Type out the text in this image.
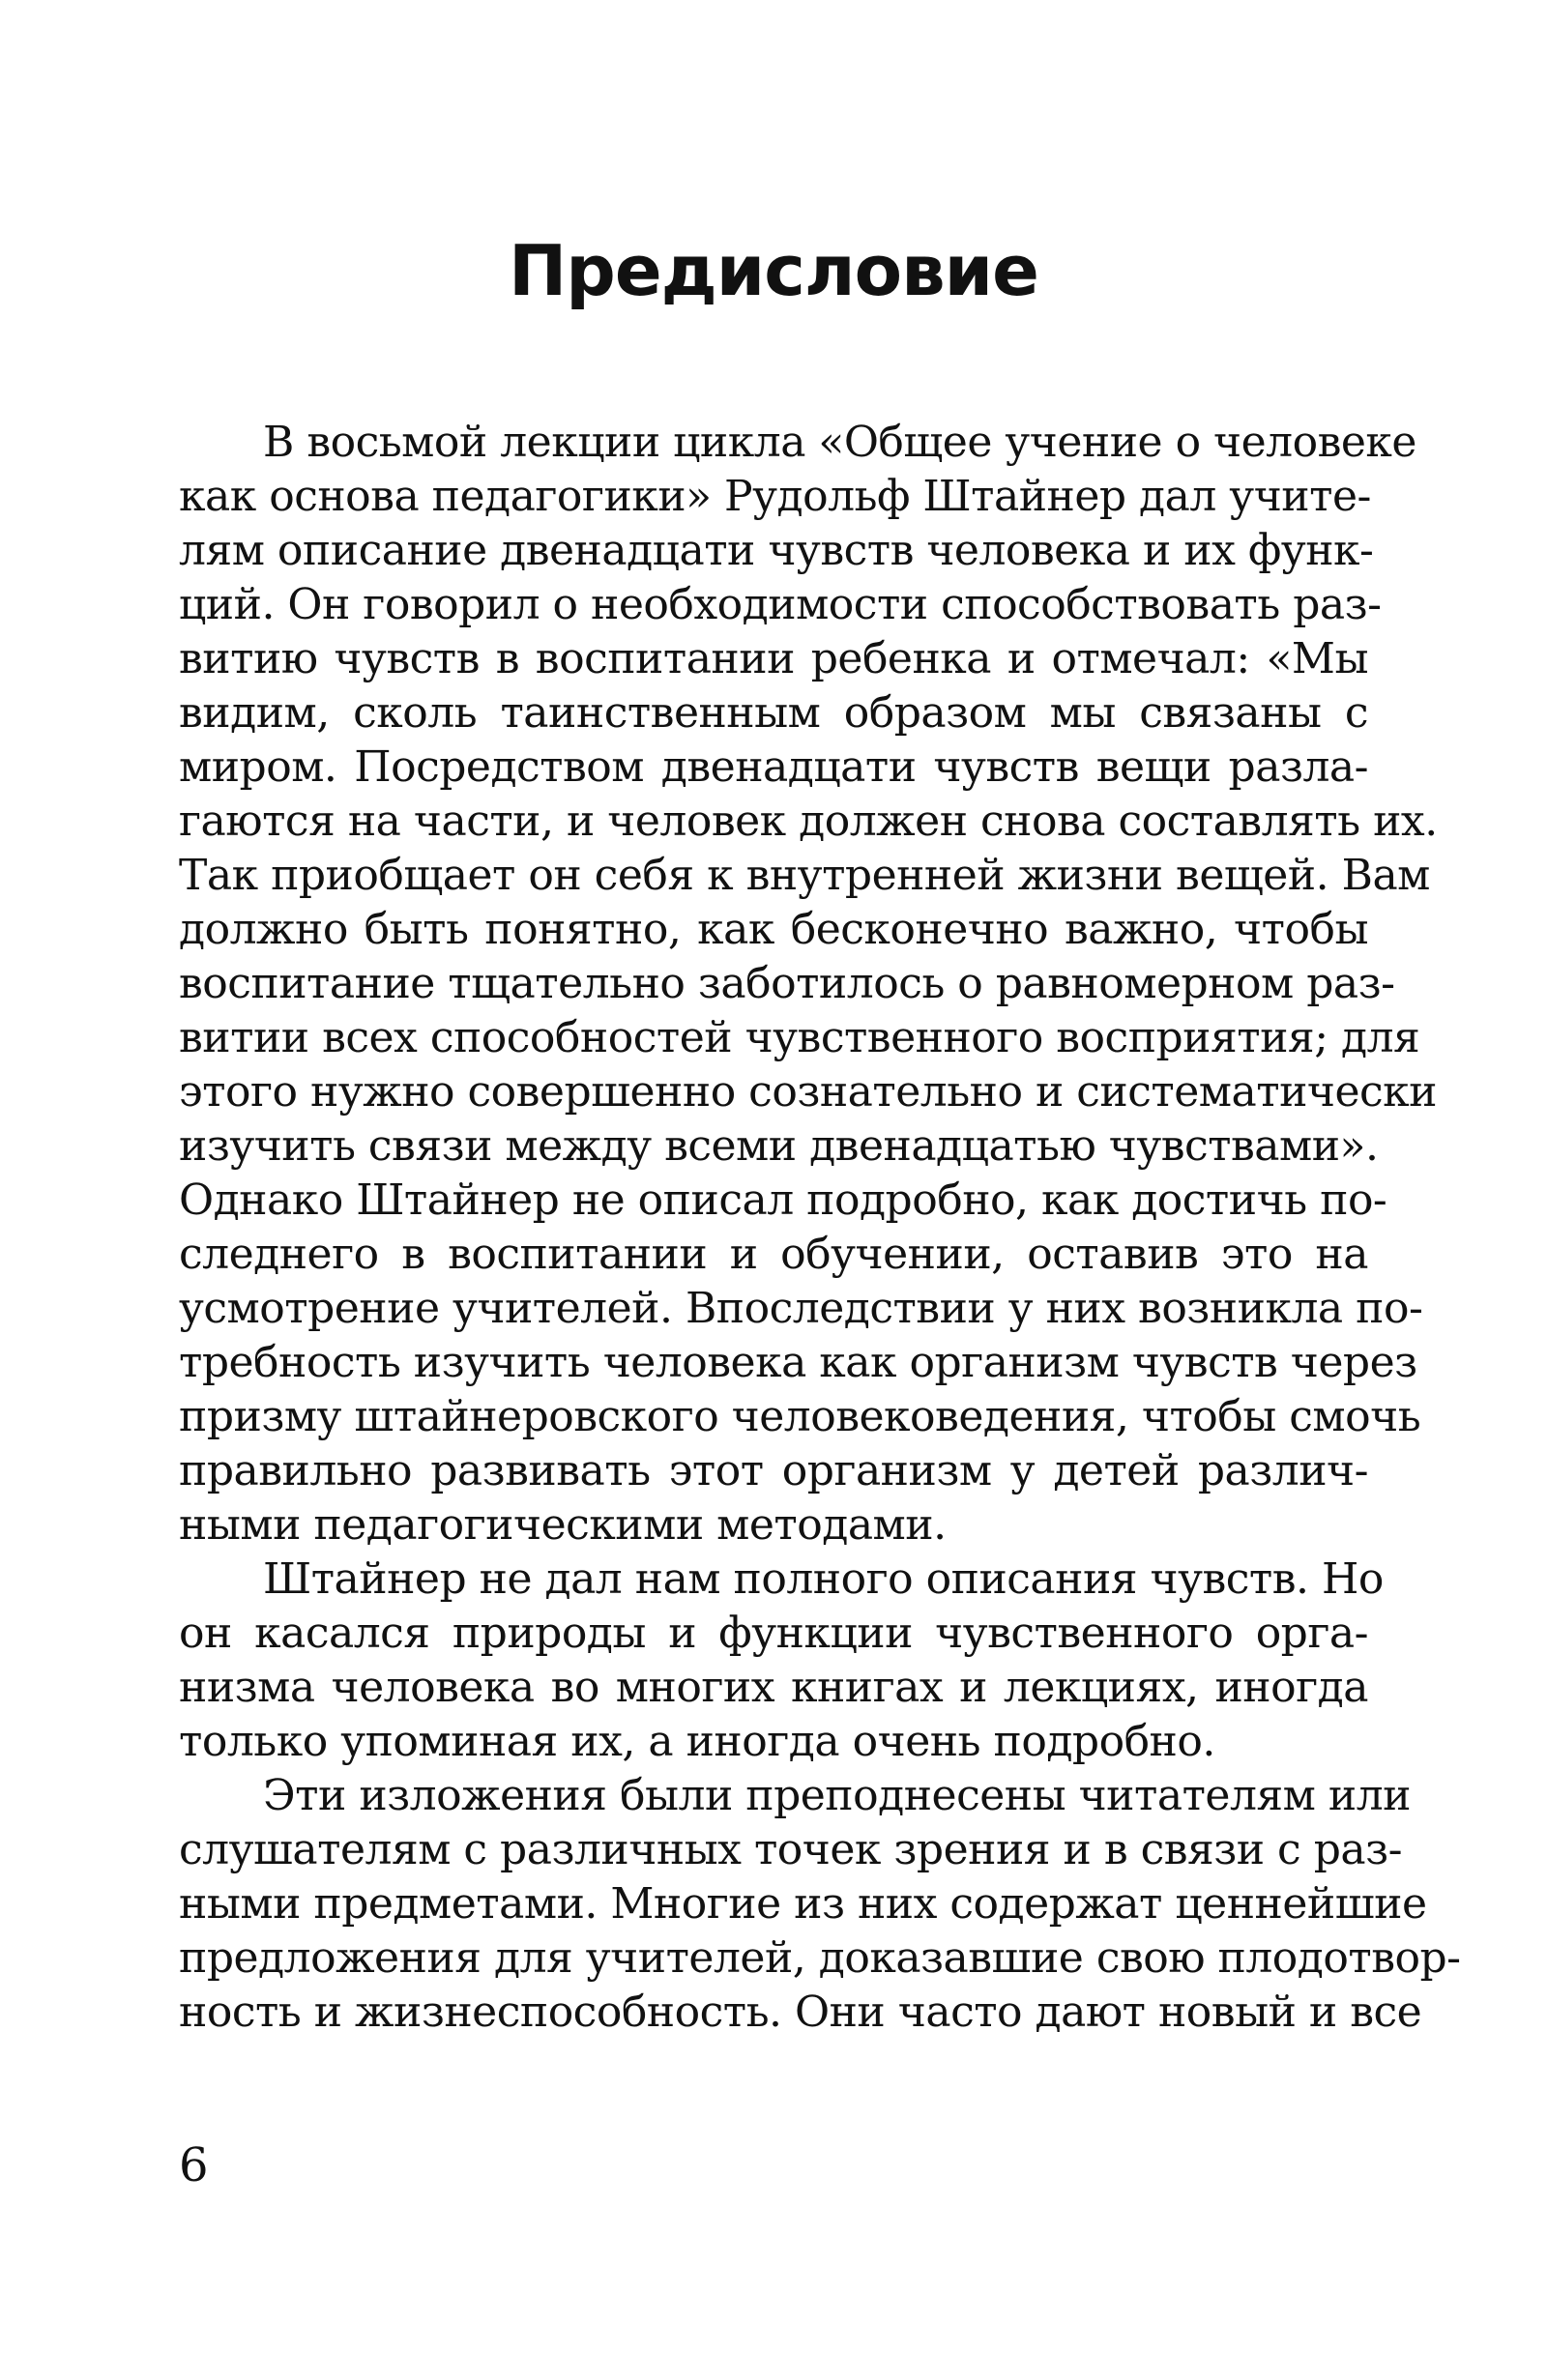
Предисловие
В восьмой лекции цикла «Общее учение о человеке
как основа педагогики» Рудольф Штайнер дал учите-
лям описание двенадцати чувств человека и их функ-
ций. Он говорил о необходимости способствовать раз-
витию чувств в воспитании ребенка и отмечал: «Мы
видим, сколь таинственным образом мы связаны с
миром. Посредством двенадцати чувств вещи разла-
гаются на части, и человек должен снова составлять их.
Так приобщает он себя к внутренней жизни вещей. Вам
должно быть понятно, как бесконечно важно, чтобы
воспитание тщательно заботилось о равномерном раз-
витии всех способностей чувственного восприятия; для
этого нужно совершенно сознательно и систематически
изучить связи между всеми двенадцатью чувствами».
Однако Штайнер не описал подробно, как достичь по-
следнего в воспитании и обучении, оставив это на
усмотрение учителей. Впоследствии у них возникла по-
требность изучить человека как организм чувств через
призму штайнеровского человековедения, чтобы смочь
правильно развивать этот организм у детей различ-
ными педагогическими методами.
Штайнер не дал нам полного описания чувств. Но
он касался природы и функции чувственного орга-
низма человека во многих книгах и лекциях, иногда
только упоминая их, а иногда очень подробно.
Эти изложения были преподнесены читателям или
слушателям с различных точек зрения и в связи с раз-
ными предметами. Многие из них содержат ценнейшие
предложения для учителей, доказавшие свою плодотвор-
ность и жизнеспособность. Они часто дают новый и все
6
